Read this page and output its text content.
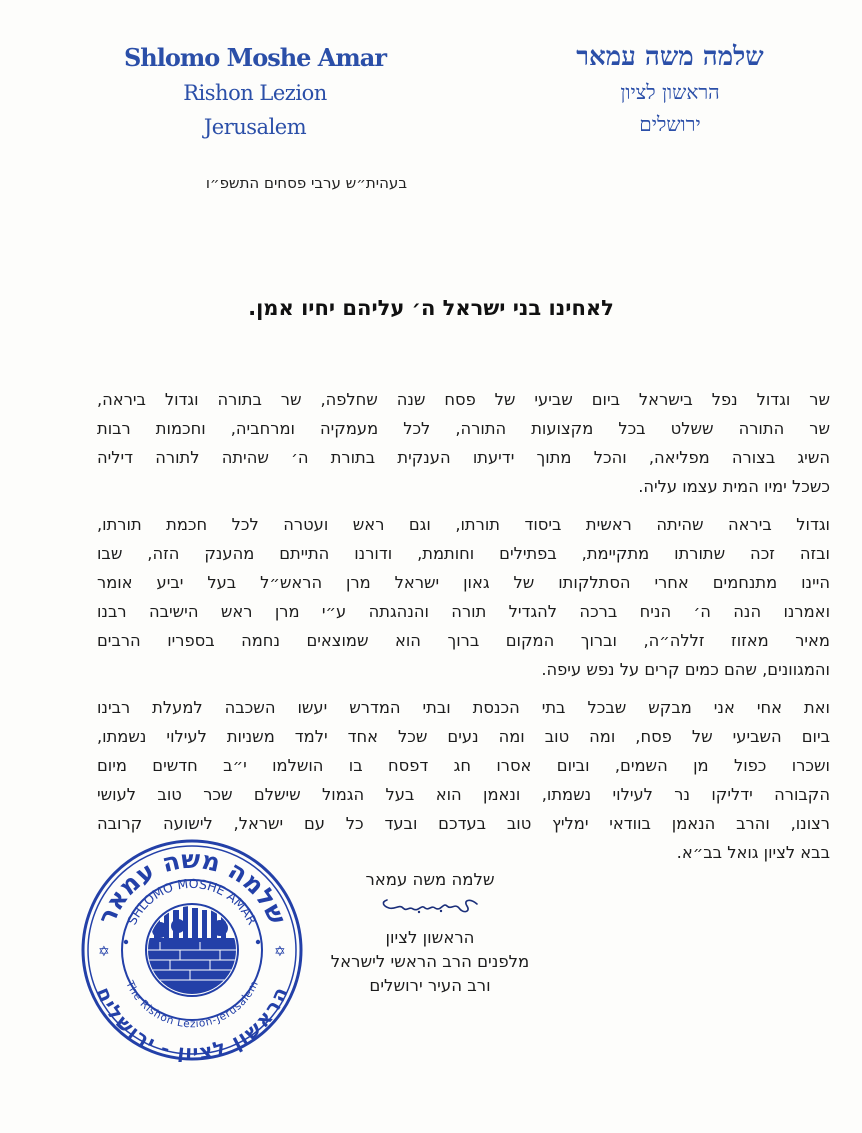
Shlomo Moshe Amar
Rishon Lezion
Jerusalem
שלמה משה עמאר
הראשון לציון
ירושלים
בעהית״ש ערבי פסחים התשפ״ו
לאחינו בני ישראל ה׳ עליהם יחיו אמן.

שר וגדול נפל בישראל ביום שביעי של פסח שנה שחלפה, שר בתורה וגדול ביראה,
שר התורה ששלט בכל מקצועות התורה, לכל מעמקיה ומרחביה, וחכמות רבות
השיג בצורה מפליאה, והכל מתוך ידיעתו הענקית בתורת ה׳ שהיתה לתורה דיליה
כשכל ימיו המית עצמו עליה.

וגדול ביראה שהיתה ראשית ביסוד תורתו, וגם ראש ועטרה לכל חכמת תורתו,
ובזה זכה שתורתו מתקיימת, בפתילים וחותמת, ודורנו התייתם מהענק הזה, שבו
היינו מתנחמים אחרי הסתלקותו של גאון ישראל מרן הראש״ל בעל יביע אומר
ואמרנו הנה ה׳ הניח ברכה להגדיל תורה והנהגתה ע״י מרן ראש הישיבה רבנו
מאיר מאזוז זללה״ה, וברוך המקום ברוך הוא שמוצאים נחמה בספריו הרבים
והמגוונים, שהם כמים קרים על נפש עיפה.

ואת אחי אני מבקש שבכל בתי הכנסת ובתי המדרש יעשו השכבה למעלת רבינו
ביום השביעי של פסח, ומה טוב ומה נעים שכל אחד ילמד משניות לעילוי נשמתו,
ושכרו כפול מן השמים, וביום אסרו חג דפסח בו הושלמו י״ב חדשים מיום
הקבורה ידליקו נר לעילוי נשמתו, ונאמן הוא בעל הגמול שישלם שכר טוב לעושי
רצונו, והרב הנאמן בוודאי ימליץ טוב בעדכם ובעד כל עם ישראל, לישועה קרובה
בבא לציון גואל בב״א.

שלמה משה עמאר
הראשון לציון
מלפנים הרב הראשי לישראל
ורב העיר ירושלים
שלמה משה עמאר
הראשון לציון - ירושלים
SHLOMO MOSHE AMAR
The Rishon Lezion-Jerusalem
✡	✡
